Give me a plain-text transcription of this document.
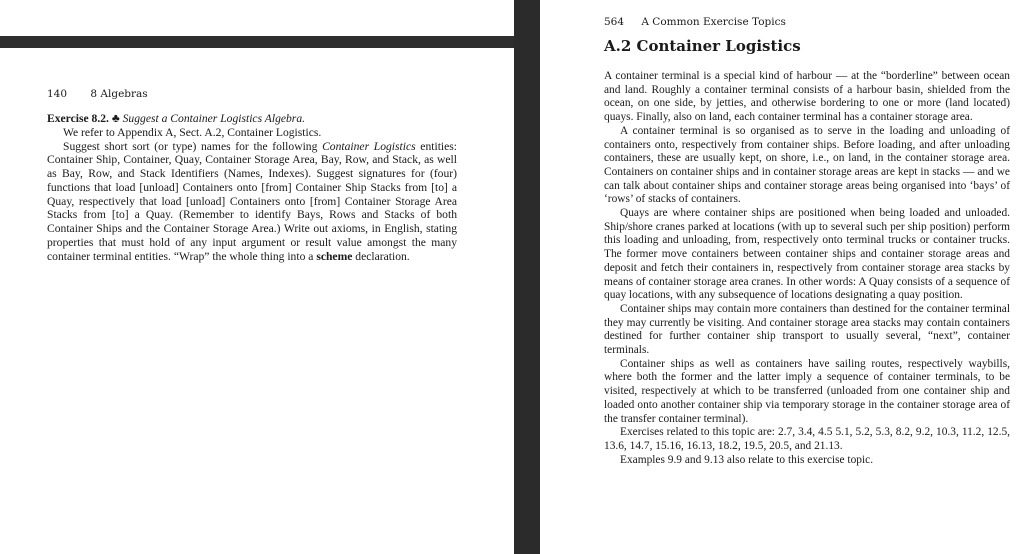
140 8 Algebras

Exercise 8.2. ♣ Suggest a Container Logistics Algebra.

We refer to Appendix A, Sect. A.2, Container Logistics.

Suggest short sort (or type) names for the following Container Logistics entities: Container Ship, Container, Quay, Container Storage Area, Bay, Row, and Stack, as well as Bay, Row, and Stack Identifiers (Names, Indexes). Suggest signatures for (four) functions that load [unload] Containers onto [from] Container Ship Stacks from [to] a Quay, respectively that load [unload] Containers onto [from] Container Storage Area Stacks from [to] a Quay. (Remember to identify Bays, Rows and Stacks of both Container Ships and the Container Storage Area.) Write out axioms, in English, stating properties that must hold of any input argument or result value amongst the many container terminal entities. “Wrap” the whole thing into a scheme declaration.

564 A Common Exercise Topics
A.2 Container Logistics

A container terminal is a special kind of harbour — at the “borderline” between ocean and land. Roughly a container terminal consists of a harbour basin, shielded from the ocean, on one side, by jetties, and otherwise bordering to one or more (land located) quays. Finally, also on land, each container terminal has a container storage area.

A container terminal is so organised as to serve in the loading and unloading of containers onto, respectively from container ships. Before loading, and after unloading containers, these are usually kept, on shore, i.e., on land, in the container storage area. Containers on container ships and in container storage areas are kept in stacks — and we can talk about container ships and container storage areas being organised into ‘bays’ of ‘rows’ of stacks of containers.

Quays are where container ships are positioned when being loaded and unloaded. Ship/shore cranes parked at locations (with up to several such per ship position) perform this loading and unloading, from, respectively onto terminal trucks or container trucks. The former move containers between container ships and container storage areas and deposit and fetch their containers in, respectively from container storage area stacks by means of container storage area cranes. In other words: A Quay consists of a sequence of quay locations, with any subsequence of locations designating a quay position.

Container ships may contain more containers than destined for the container terminal they may currently be visiting. And container storage area stacks may contain containers destined for further container ship transport to usually several, “next”, container terminals.

Container ships as well as containers have sailing routes, respectively waybills, where both the former and the latter imply a sequence of container terminals, to be visited, respectively at which to be transferred (unloaded from one container ship and loaded onto another container ship via temporary storage in the container storage area of the transfer container terminal).

Exercises related to this topic are: 2.7, 3.4, 4.5 5.1, 5.2, 5.3, 8.2, 9.2, 10.3, 11.2, 12.5, 13.6, 14.7, 15.16, 16.13, 18.2, 19.5, 20.5, and 21.13.

Examples 9.9 and 9.13 also relate to this exercise topic.
